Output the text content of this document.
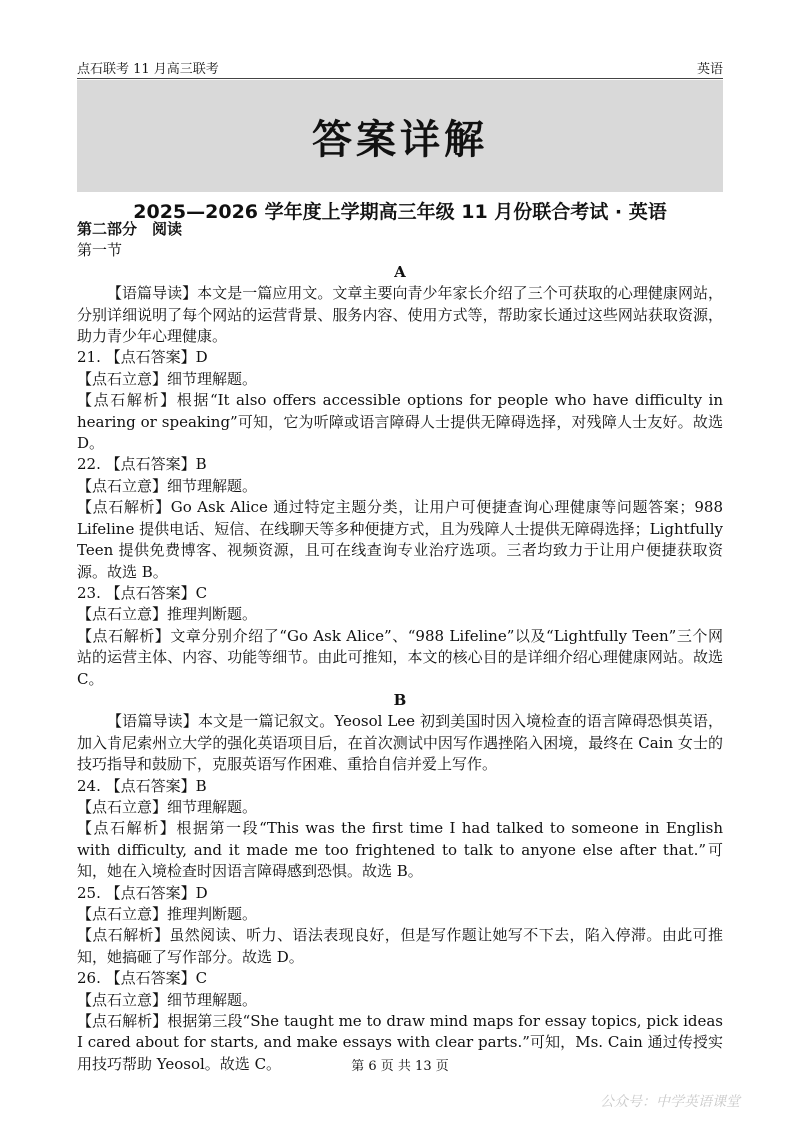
点石联考 11 月高三联考	英语
答案详解
2025—2026 学年度上学期高三年级 11 月份联合考试 · 英语

第二部分　阅读

第一节

A

【语篇导读】本文是一篇应用文。文章主要向青少年家长介绍了三个可获取的心理健康网站，分别详细说明了每个网站的运营背景、服务内容、使用方式等，帮助家长通过这些网站获取资源，助力青少年心理健康。

21. 【点石答案】D

【点石立意】细节理解题。

【点石解析】根据“It also offers accessible options for people who have difficulty in hearing or speaking”可知，它为听障或语言障碍人士提供无障碍选择，对残障人士友好。故选 D。

22. 【点石答案】B

【点石立意】细节理解题。

【点石解析】Go Ask Alice 通过特定主题分类，让用户可便捷查询心理健康等问题答案；988 Lifeline 提供电话、短信、在线聊天等多种便捷方式，且为残障人士提供无障碍选择；Lightfully Teen 提供免费博客、视频资源，且可在线查询专业治疗选项。三者均致力于让用户便捷获取资源。故选 B。

23. 【点石答案】C

【点石立意】推理判断题。

【点石解析】文章分别介绍了“Go Ask Alice”、“988 Lifeline”以及“Lightfully Teen”三个网站的运营主体、内容、功能等细节。由此可推知，本文的核心目的是详细介绍心理健康网站。故选 C。

B

【语篇导读】本文是一篇记叙文。Yeosol Lee 初到美国时因入境检查的语言障碍恐惧英语，加入肯尼索州立大学的强化英语项目后，在首次测试中因写作遇挫陷入困境，最终在 Cain 女士的技巧指导和鼓励下，克服英语写作困难、重拾自信并爱上写作。

24. 【点石答案】B

【点石立意】细节理解题。

【点石解析】根据第一段“This was the first time I had talked to someone in English with difficulty, and it made me too frightened to talk to anyone else after that.”可知，她在入境检查时因语言障碍感到恐惧。故选 B。

25. 【点石答案】D

【点石立意】推理判断题。

【点石解析】虽然阅读、听力、语法表现良好，但是写作题让她写不下去，陷入停滞。由此可推知，她搞砸了写作部分。故选 D。

26. 【点石答案】C

【点石立意】细节理解题。

【点石解析】根据第三段“She taught me to draw mind maps for essay topics, pick ideas I cared about for starts, and make essays with clear parts.”可知，Ms. Cain 通过传授实用技巧帮助 Yeosol。故选 C。	第 6 页 共 13 页
公众号：中学英语课堂
